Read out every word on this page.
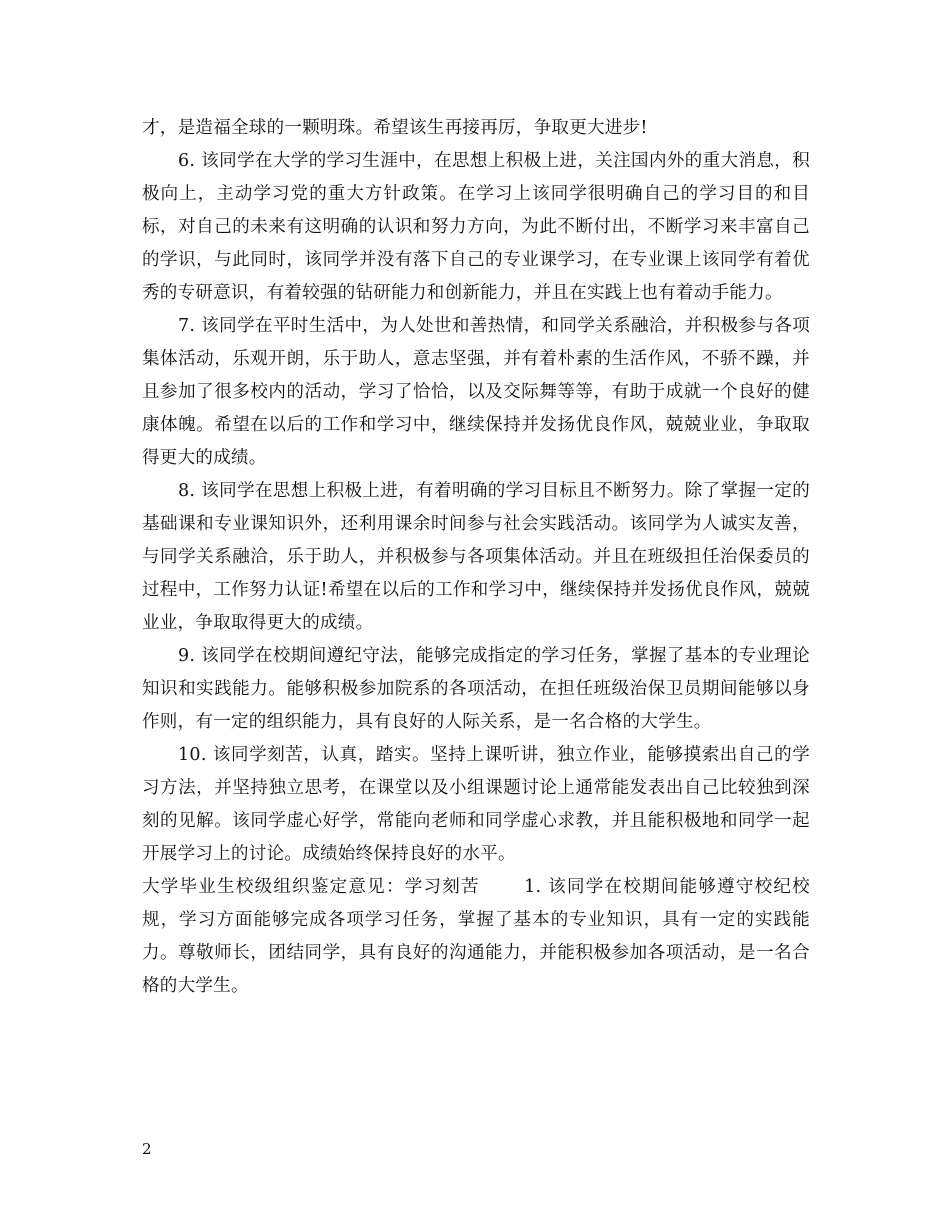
才，是造福全球的一颗明珠。希望该生再接再厉，争取更大进步!

6. 该同学在大学的学习生涯中，在思想上积极上进，关注国内外的重大消息，积极向上，主动学习党的重大方针政策。在学习上该同学很明确自己的学习目的和目标，对自己的未来有这明确的认识和努力方向，为此不断付出，不断学习来丰富自己的学识，与此同时，该同学并没有落下自己的专业课学习，在专业课上该同学有着优秀的专研意识，有着较强的钻研能力和创新能力，并且在实践上也有着动手能力。

7. 该同学在平时生活中，为人处世和善热情，和同学关系融洽，并积极参与各项集体活动，乐观开朗，乐于助人，意志坚强，并有着朴素的生活作风，不骄不躁，并且参加了很多校内的活动，学习了恰恰，以及交际舞等等，有助于成就一个良好的健康体魄。希望在以后的工作和学习中，继续保持并发扬优良作风，兢兢业业，争取取得更大的成绩。

8. 该同学在思想上积极上进，有着明确的学习目标且不断努力。除了掌握一定的基础课和专业课知识外，还利用课余时间参与社会实践活动。该同学为人诚实友善，与同学关系融洽，乐于助人，并积极参与各项集体活动。并且在班级担任治保委员的过程中，工作努力认证!希望在以后的工作和学习中，继续保持并发扬优良作风，兢兢业业，争取取得更大的成绩。

9. 该同学在校期间遵纪守法，能够完成指定的学习任务，掌握了基本的专业理论知识和实践能力。能够积极参加院系的各项活动，在担任班级治保卫员期间能够以身作则，有一定的组织能力，具有良好的人际关系，是一名合格的大学生。

10. 该同学刻苦，认真，踏实。坚持上课听讲，独立作业，能够摸索出自己的学习方法，并坚持独立思考，在课堂以及小组课题讨论上通常能发表出自己比较独到深刻的见解。该同学虚心好学，常能向老师和同学虚心求教，并且能积极地和同学一起开展学习上的讨论。成绩始终保持良好的水平。

大学毕业生校级组织鉴定意见：学习刻苦　　 1. 该同学在校期间能够遵守校纪校规，学习方面能够完成各项学习任务，掌握了基本的专业知识，具有一定的实践能力。尊敬师长，团结同学，具有良好的沟通能力，并能积极参加各项活动，是一名合格的大学生。

2
